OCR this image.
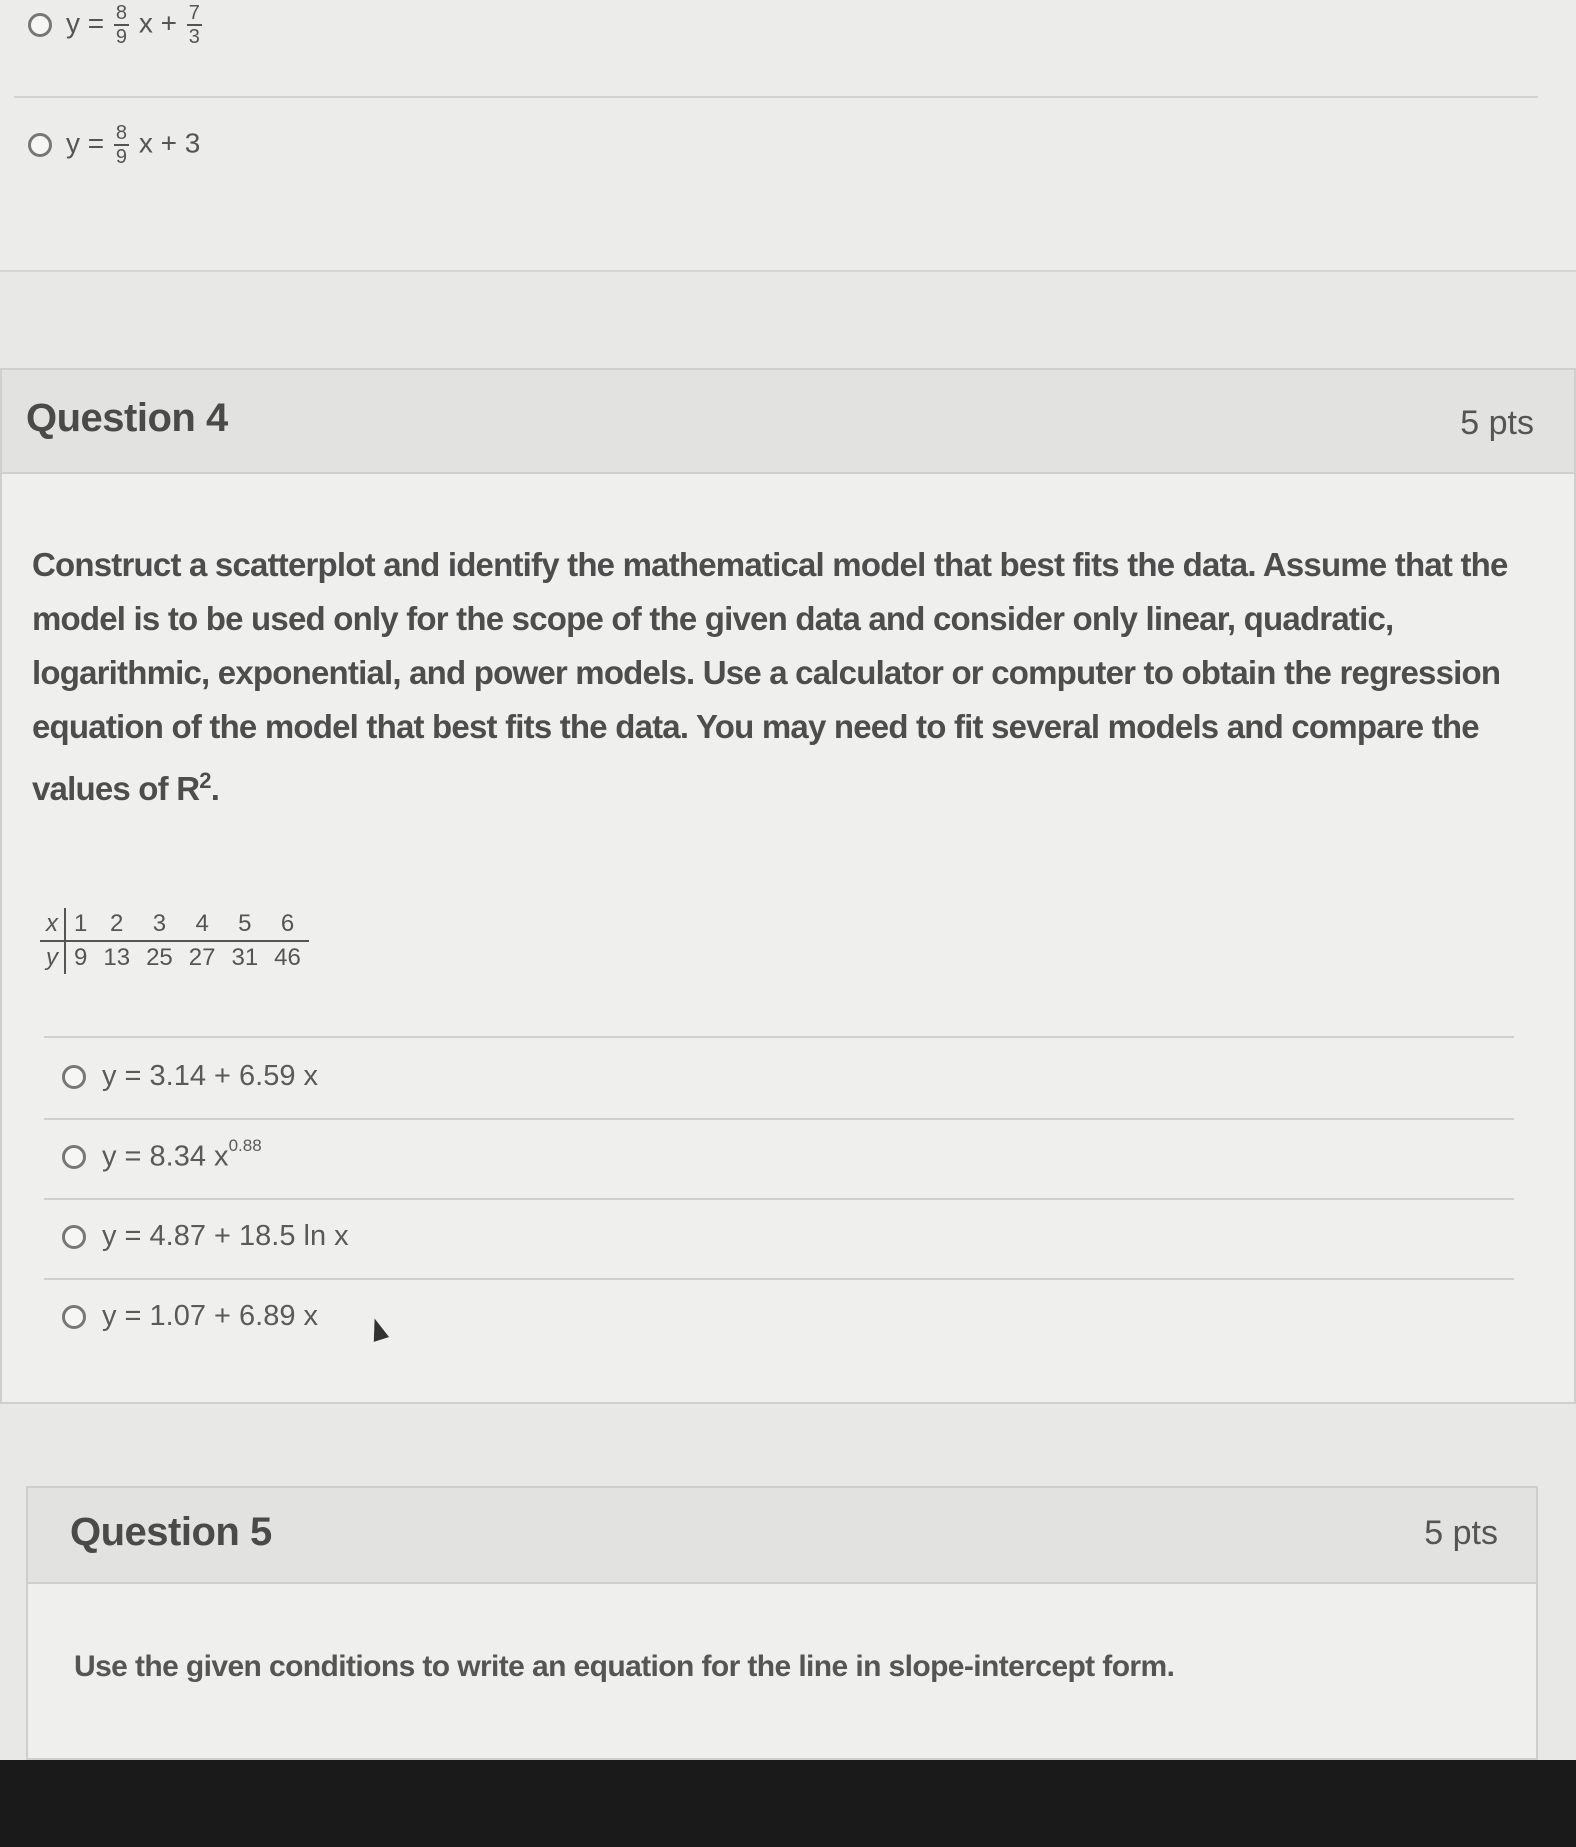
$y = \frac{8}{9}$ $x + \frac{7}{3}$
$y = \frac{8}{9}$ x + 3
Question 4	5 pts
Construct a scatterplot and identify the mathematical model that best fits the data. Assume that the model is to be used only for the scope of the given data and consider only linear, quadratic, logarithmic, exponential, and power models. Use a calculator or computer to obtain the regression equation of the model that best fits the data. You may need to fit several models and compare the values of $R^2$.
x	1	2	3	4	5	6
y	9	13	25	27	31	46
y = 3.14 + 6.59 x
y = 8.34 $x^{0.88}$
y = 4.87 + 18.5 ln x
y = 1.07 + 6.89 x
Question 5	5 pts
Use the given conditions to write an equation for the line in slope-intercept form.
